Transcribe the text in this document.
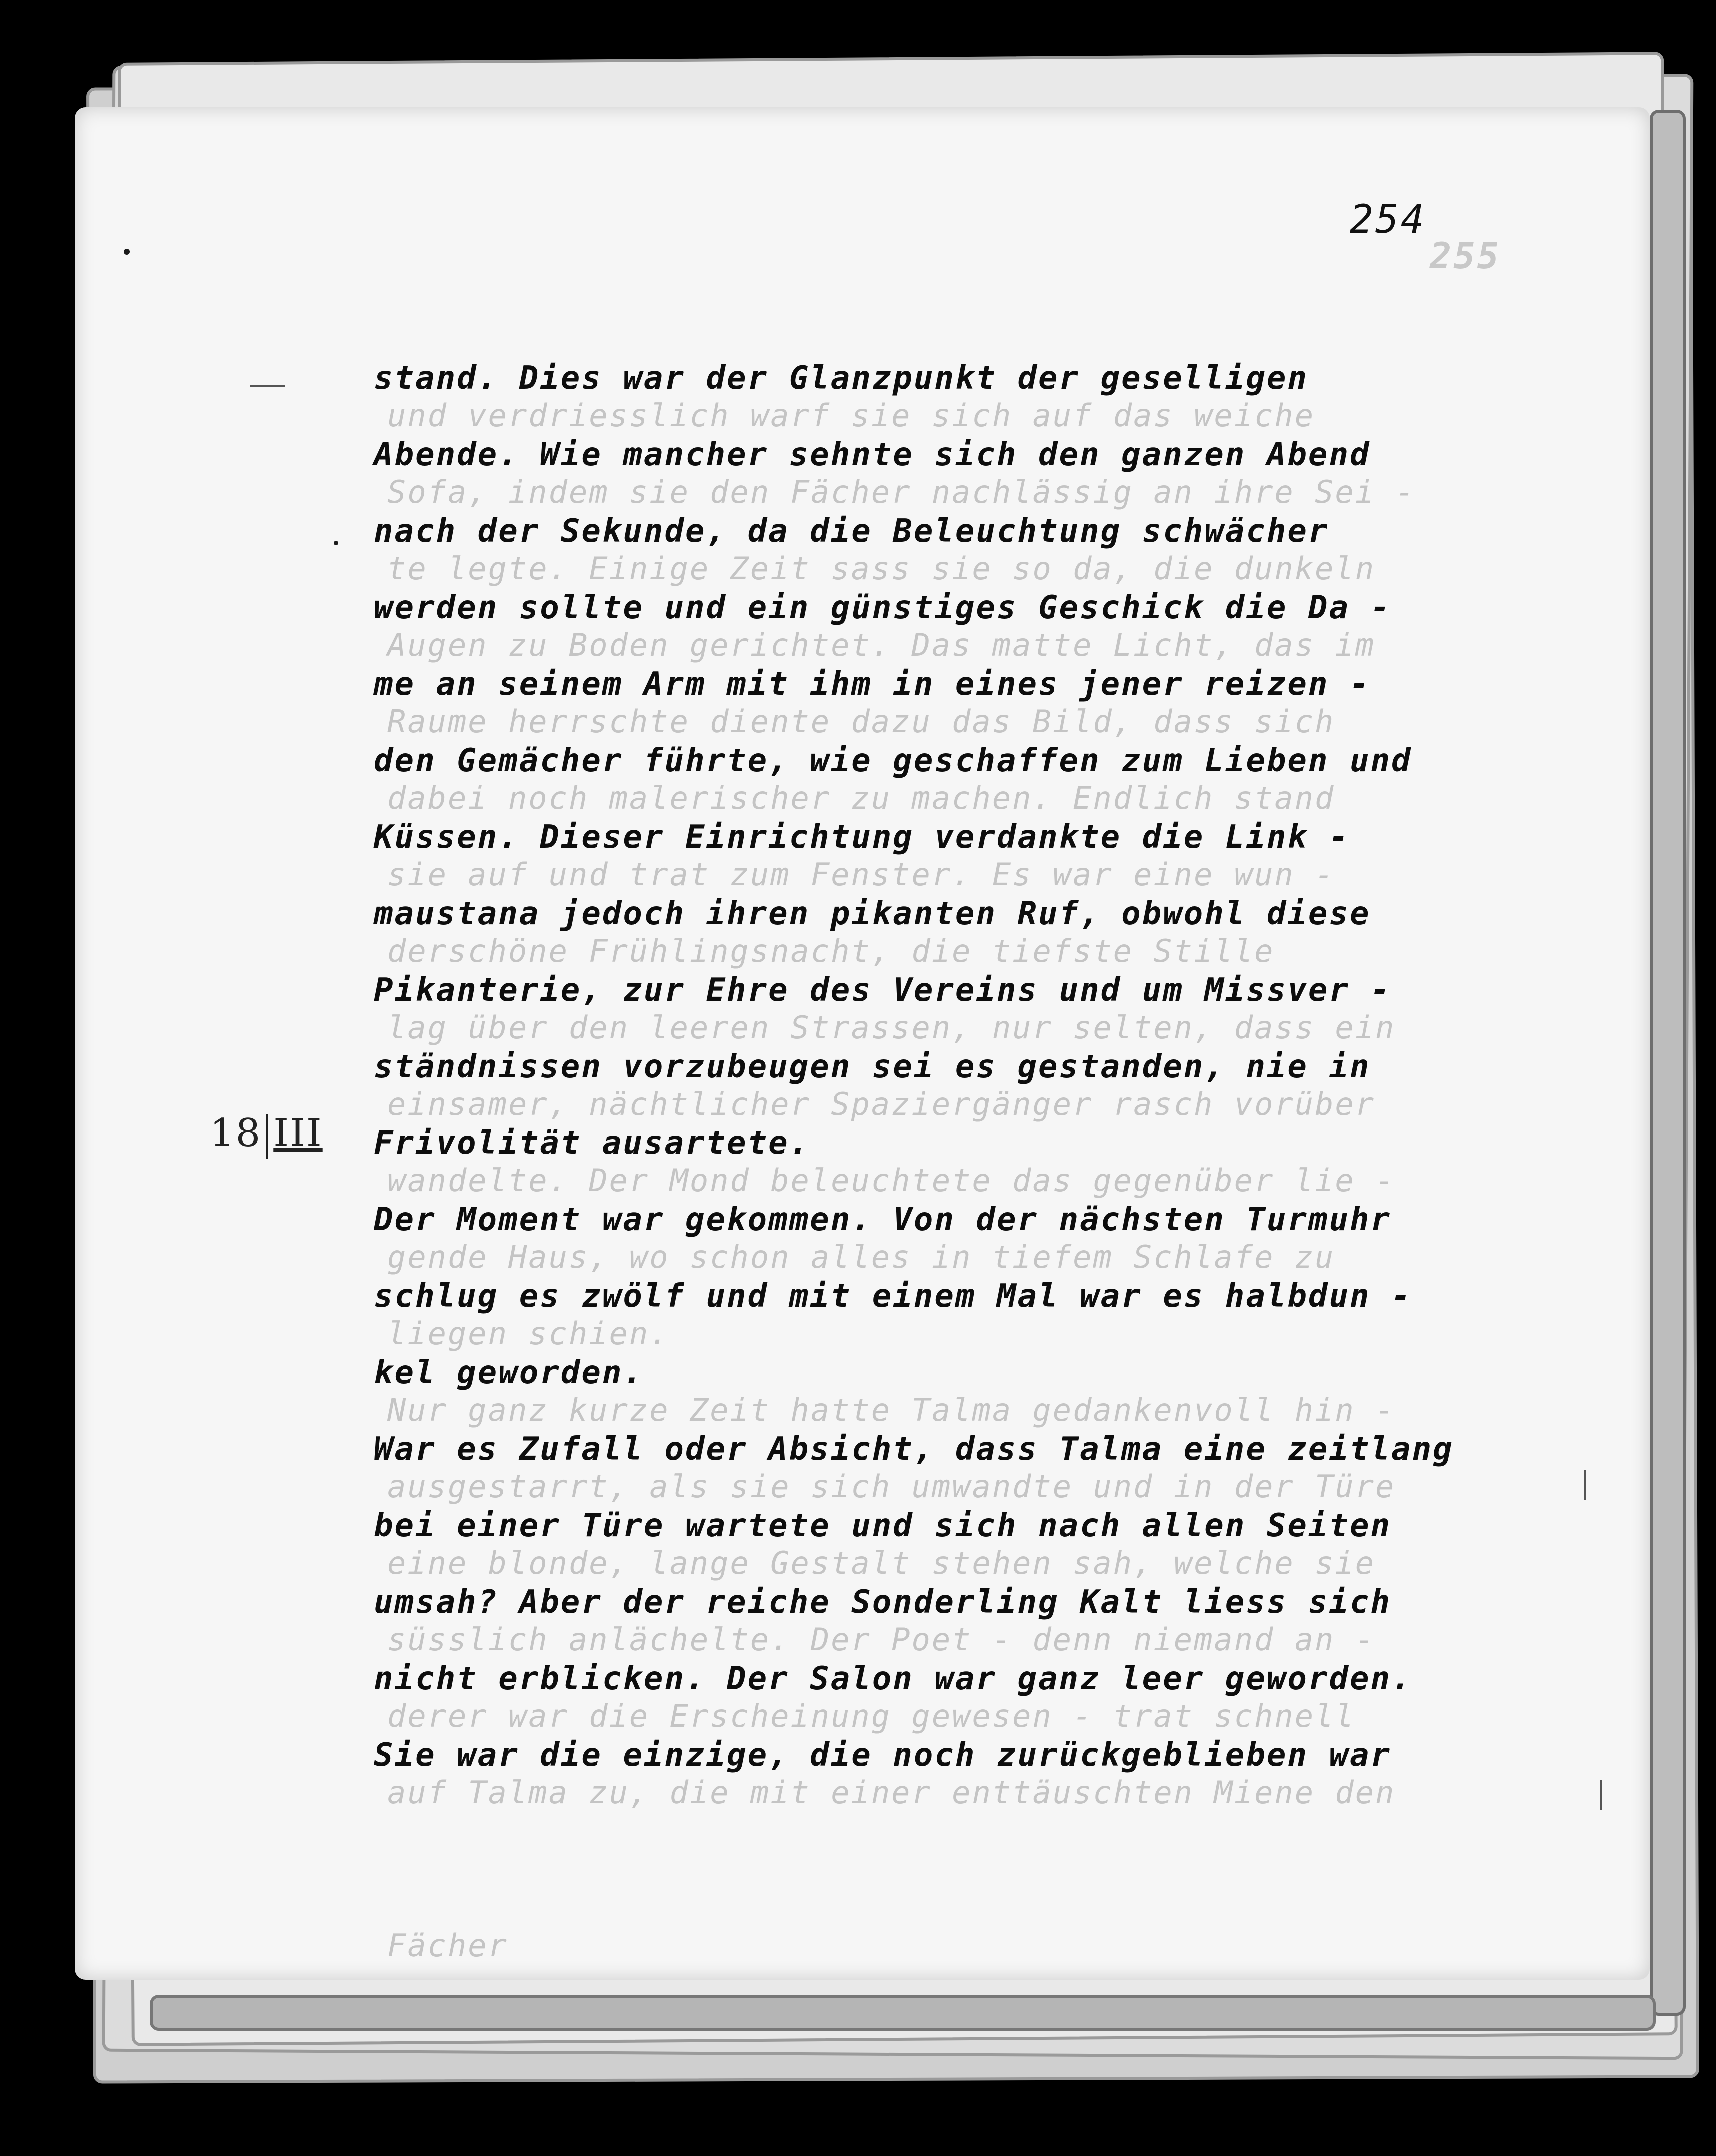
255
254
und verdriesslich warf sie sich auf das weiche
Sofa, indem sie den Fächer nachlässig an ihre Sei -
te legte. Einige Zeit sass sie so da, die dunkeln
Augen zu Boden gerichtet. Das matte Licht, das im
Raume herrschte diente dazu das Bild, dass sich
dabei noch malerischer zu machen. Endlich stand
sie auf und trat zum Fenster. Es war eine wun -
derschöne Frühlingsnacht, die tiefste Stille
lag über den leeren Strassen, nur selten, dass ein
einsamer, nächtlicher Spaziergänger rasch vorüber
wandelte. Der Mond beleuchtete das gegenüber lie -
gende Haus, wo schon alles in tiefem Schlafe zu
liegen schien.
Nur ganz kurze Zeit hatte Talma gedankenvoll hin -
ausgestarrt, als sie sich umwandte und in der Türe
eine blonde, lange Gestalt stehen sah, welche sie
süsslich anlächelte. Der Poet - denn niemand an -
derer war die Erscheinung gewesen - trat schnell
auf Talma zu, die mit einer enttäuschten Miene den
Fächer
stand. Dies war der Glanzpunkt der geselligen
Abende. Wie mancher sehnte sich den ganzen Abend
nach der Sekunde, da die Beleuchtung schwächer
werden sollte und ein günstiges Geschick die Da -
me an seinem Arm mit ihm in eines jener reizen -
den Gemächer führte, wie geschaffen zum Lieben und
Küssen. Dieser Einrichtung verdankte die Link -
maustana jedoch ihren pikanten Ruf, obwohl diese
Pikanterie, zur Ehre des Vereins und um Missver -
ständnissen vorzubeugen sei es gestanden, nie in
Frivolität ausartete.
Der Moment war gekommen. Von der nächsten Turmuhr
schlug es zwölf und mit einem Mal war es halbdun -
kel geworden.
War es Zufall oder Absicht, dass Talma eine zeitlang
bei einer Türe wartete und sich nach allen Seiten
umsah? Aber der reiche Sonderling Kalt liess sich
nicht erblicken. Der Salon war ganz leer geworden.
Sie war die einzige, die noch zurückgeblieben war
18 III
